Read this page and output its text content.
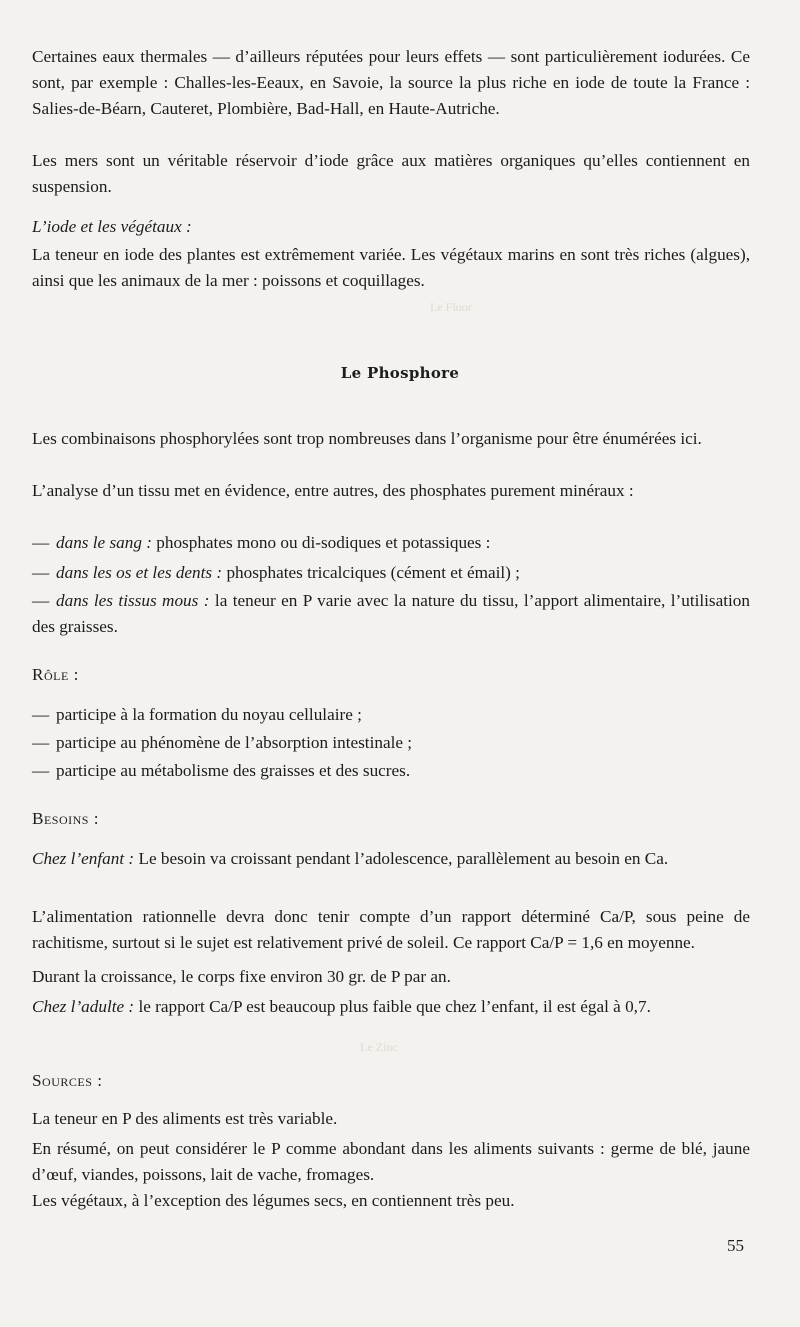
Le Fluor
Le Zinc

Certaines eaux thermales — d’ailleurs réputées pour leurs effets — sont particulièrement iodurées. Ce sont, par exemple : Challes-les-Eeaux, en Savoie, la source la plus riche en iode de toute la France : Salies-de-Béarn, Cauteret, Plombière, Bad-Hall, en Haute-Autriche.

Les mers sont un véritable réservoir d’iode grâce aux matières organiques qu’elles contiennent en suspension.

L’iode et les végétaux :

La teneur en iode des plantes est extrêmement variée. Les végétaux marins en sont très riches (algues), ainsi que les animaux de la mer : poissons et coquillages.

Le Phosphore

Les combinaisons phosphorylées sont trop nombreuses dans l’organisme pour être énumérées ici.

L’analyse d’un tissu met en évidence, entre autres, des phosphates purement minéraux :

— dans le sang : phosphates mono ou di-sodiques et potassiques :

— dans les os et les dents : phosphates tricalciques (cément et émail) ;

— dans les tissus mous : la teneur en P varie avec la nature du tissu, l’apport alimentaire, l’utilisation des graisses.

Rôle :

— participe à la formation du noyau cellulaire ;

— participe au phénomène de l’absorption intestinale ;

— participe au métabolisme des graisses et des sucres.

Besoins :

Chez l’enfant : Le besoin va croissant pendant l’adolescence, parallèlement au besoin en Ca.

L’alimentation rationnelle devra donc tenir compte d’un rapport déterminé Ca/P, sous peine de rachitisme, surtout si le sujet est relativement privé de soleil. Ce rapport Ca/P = 1,6 en moyenne.

Durant la croissance, le corps fixe environ 30 gr. de P par an.

Chez l’adulte : le rapport Ca/P est beaucoup plus faible que chez l’enfant, il est égal à 0,7.

Sources :

La teneur en P des aliments est très variable.

En résumé, on peut considérer le P comme abondant dans les aliments suivants : germe de blé, jaune d’œuf, viandes, poissons, lait de vache, fromages.

Les végétaux, à l’exception des légumes secs, en contiennent très peu.

55
